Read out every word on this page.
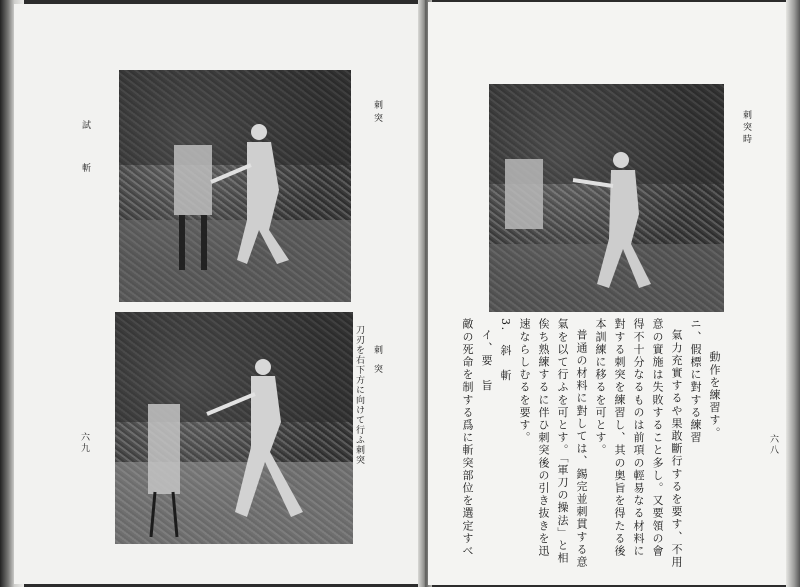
刺突
試斬
刺突
刀刃を右下方に向けて行ふ刺突
六九
刺突時
六八
動作を練習す。
ニ、假標に對する練習
氣力充實するや果敢斷行するを要す、不用
意の實施は失敗すること多し。又要領の會
得不十分なるものは前項の輕易なる材料に
對する刺突を練習し、其の奥旨を得たる後
本訓練に移るを可とす。
普通の材料に對しては、錫完並刺貫する意
氣を以て行ふを可とす。「軍刀の操法」と相
俟ち熟練するに伴ひ刺突後の引き抜きを迅
速ならしむるを要す。
3.　斜　斬
イ、要　旨
敵の死命を制する爲に斬突部位を選定すべ
